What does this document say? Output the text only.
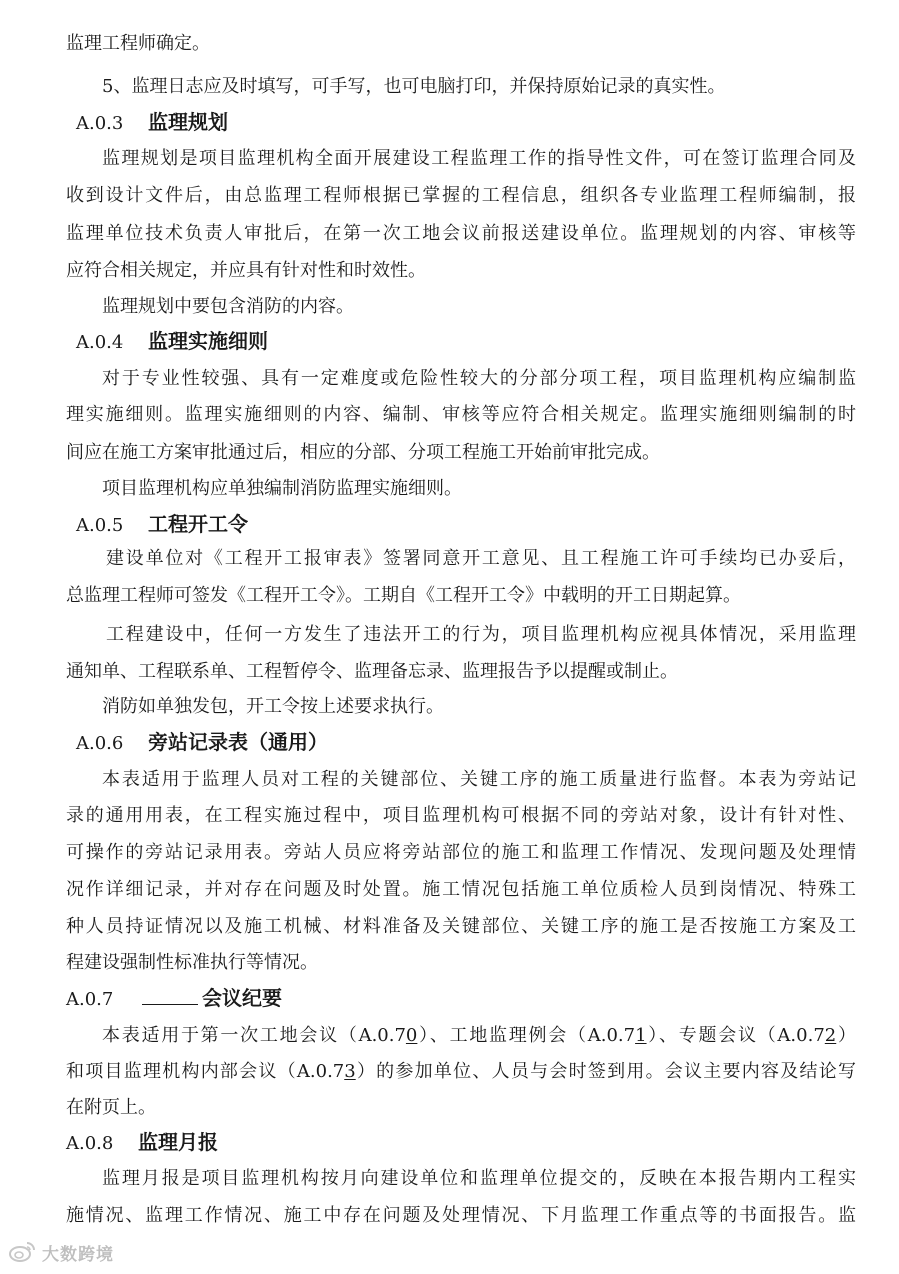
监理工程师确定。
5、监理日志应及时填写，可手写，也可电脑打印，并保持原始记录的真实性。
A.0.3 监理规划
监理规划是项目监理机构全面开展建设工程监理工作的指导性文件，可在签订监理合同及
收到设计文件后，由总监理工程师根据已掌握的工程信息，组织各专业监理工程师编制，报
监理单位技术负责人审批后，在第一次工地会议前报送建设单位。监理规划的内容、审核等
应符合相关规定，并应具有针对性和时效性。
监理规划中要包含消防的内容。
A.0.4 监理实施细则
对于专业性较强、具有一定难度或危险性较大的分部分项工程，项目监理机构应编制监
理实施细则。监理实施细则的内容、编制、审核等应符合相关规定。监理实施细则编制的时
间应在施工方案审批通过后，相应的分部、分项工程施工开始前审批完成。
项目监理机构应单独编制消防监理实施细则。
A.0.5 工程开工令
建设单位对《工程开工报审表》签署同意开工意见、且工程施工许可手续均已办妥后，
总监理工程师可签发《工程开工令》。工期自《工程开工令》中载明的开工日期起算。
工程建设中，任何一方发生了违法开工的行为，项目监理机构应视具体情况，采用监理
通知单、工程联系单、工程暂停令、监理备忘录、监理报告予以提醒或制止。
消防如单独发包，开工令按上述要求执行。
A.0.6 旁站记录表（通用）
本表适用于监理人员对工程的关键部位、关键工序的施工质量进行监督。本表为旁站记
录的通用用表，在工程实施过程中，项目监理机构可根据不同的旁站对象，设计有针对性、
可操作的旁站记录用表。旁站人员应将旁站部位的施工和监理工作情况、发现问题及处理情
况作详细记录，并对存在问题及时处置。施工情况包括施工单位质检人员到岗情况、特殊工
种人员持证情况以及施工机械、材料准备及关键部位、关键工序的施工是否按施工方案及工
程建设强制性标准执行等情况。
A.0.7	会议纪要
本表适用于第一次工地会议（A.0.70）、工地监理例会（A.0.71）、专题会议（A.0.72）
和项目监理机构内部会议（A.0.73）的参加单位、人员与会时签到用。会议主要内容及结论写
在附页上。
A.0.8 监理月报
监理月报是项目监理机构按月向建设单位和监理单位提交的，反映在本报告期内工程实
施情况、监理工作情况、施工中存在问题及处理情况、下月监理工作重点等的书面报告。监
大数跨境
